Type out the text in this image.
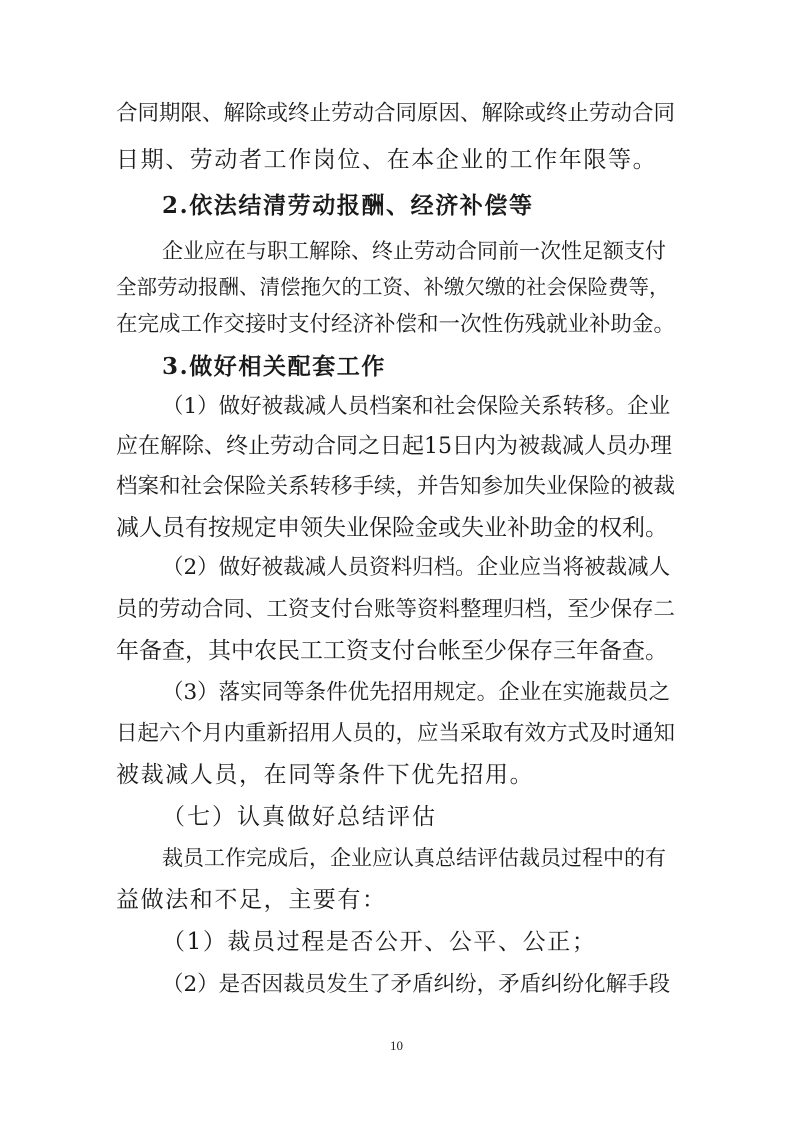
合同期限、解除或终止劳动合同原因、解除或终止劳动合同
日期、劳动者工作岗位、在本企业的工作年限等。
2.依法结清劳动报酬、经济补偿等
企业应在与职工解除、终止劳动合同前一次性足额支付
全部劳动报酬、清偿拖欠的工资、补缴欠缴的社会保险费等，
在完成工作交接时支付经济补偿和一次性伤残就业补助金。
3.做好相关配套工作
（1）做好被裁减人员档案和社会保险关系转移。企业
应在解除、终止劳动合同之日起15日内为被裁减人员办理
档案和社会保险关系转移手续，并告知参加失业保险的被裁
减人员有按规定申领失业保险金或失业补助金的权利。
（2）做好被裁减人员资料归档。企业应当将被裁减人
员的劳动合同、工资支付台账等资料整理归档，至少保存二
年备查，其中农民工工资支付台帐至少保存三年备查。
（3）落实同等条件优先招用规定。企业在实施裁员之
日起六个月内重新招用人员的，应当采取有效方式及时通知
被裁减人员，在同等条件下优先招用。
（七）认真做好总结评估
裁员工作完成后，企业应认真总结评估裁员过程中的有
益做法和不足，主要有：
（1）裁员过程是否公开、公平、公正；
（2）是否因裁员发生了矛盾纠纷，矛盾纠纷化解手段
10
